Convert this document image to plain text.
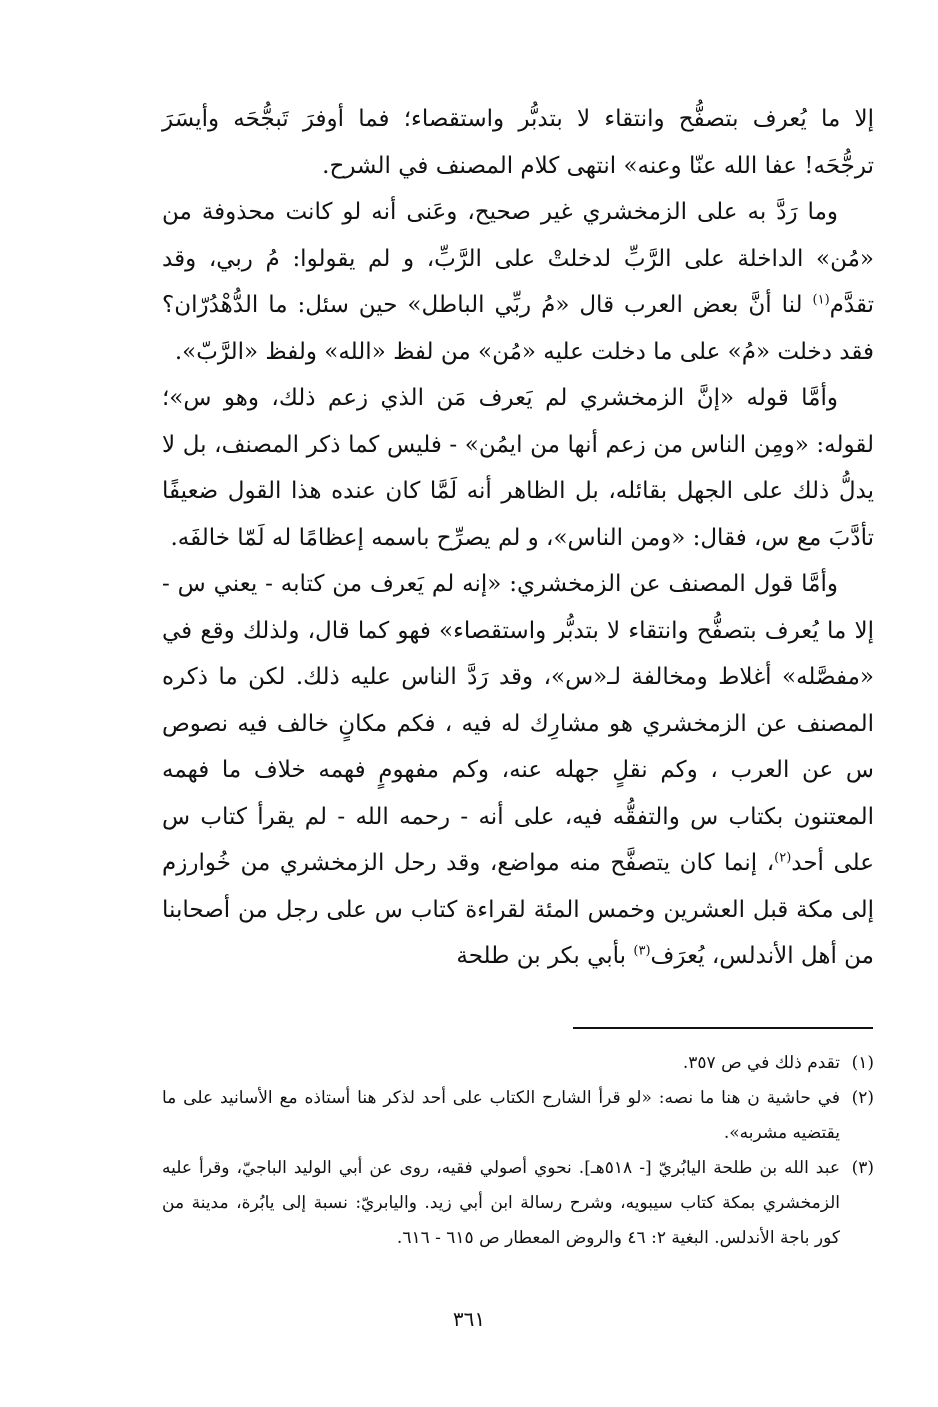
إلا ما يُعرف بتصفُّح وانتقاء لا بتدبُّر واستقصاء؛ فما أوفرَ تَبجُّحَه وأيسَرَ ترجُّحَه! عفا الله عنّا وعنه» انتهى كلام المصنف في الشرح.

وما رَدَّ به على الزمخشري غير صحيح، وعَنى أنه لو كانت محذوفة من «مُن» الداخلة على الرَّبِّ لدخلتْ على الرَّبِّ، و لم يقولوا: مُ ربي، وقد تقدَّم$^{(١)}$ لنا أنَّ بعض العرب قال «مُ ربِّي الباطل» حين سئل: ما الدُّهْدُرّان؟ فقد دخلت «مُ» على ما دخلت عليه «مُن» من لفظ «الله» ولفظ «الرَّبّ».

وأمَّا قوله «إنَّ الزمخشري لم يَعرف مَن الذي زعم ذلك، وهو س»؛ لقوله: «ومِن الناس من زعم أنها من ايمُن» - فليس كما ذكر المصنف، بل لا يدلُّ ذلك على الجهل بقائله، بل الظاهر أنه لَمَّا كان عنده هذا القول ضعيفًا تأدَّبَ مع س، فقال: «ومن الناس»، و لم يصرِّح باسمه إعظامًا له لَمّا خالفَه.

وأمَّا قول المصنف عن الزمخشري: «إنه لم يَعرف من كتابه - يعني س - إلا ما يُعرف بتصفُّح وانتقاء لا بتدبُّر واستقصاء» فهو كما قال، ولذلك وقع في «مفصَّله» أغلاط ومخالفة لـ«س»، وقد رَدَّ الناس عليه ذلك. لكن ما ذكره المصنف عن الزمخشري هو مشارِك له فيه ، فكم مكانٍ خالف فيه نصوص س عن العرب ، وكم نقلٍ جهله عنه، وكم مفهومٍ فهمه خلاف ما فهمه المعتنون بكتاب س والتفقُّه فيه، على أنه - رحمه الله - لم يقرأ كتاب س على أحد$^{(٢)}$، إنما كان يتصفَّح منه مواضع، وقد رحل الزمخشري من خُوارزم إلى مكة قبل العشرين وخمس المئة لقراءة كتاب س على رجل من أصحابنا من أهل الأندلس، يُعرَف$^{(٣)}$ بأبي بكر بن طلحة

(١)
تقدم ذلك في ص ٣٥٧.

(٢)
في حاشية ن هنا ما نصه: «لو قرأ الشارح الكتاب على أحد لذكر هنا أستاذه مع الأسانيد على ما يقتضيه مشربه».

(٣)
عبد الله بن طلحة اليابُريّ [- ٥١٨هـ]. نحوي أصولي فقيه، روى عن أبي الوليد الباجيّ، وقرأ عليه الزمخشري بمكة كتاب سيبويه، وشرح رسالة ابن أبي زيد. واليابريّ: نسبة إلى يابُرة، مدينة من كور باجة الأندلس. البغية ٢: ٤٦ والروض المعطار ص ٦١٥ - ٦١٦.

٣٦١
